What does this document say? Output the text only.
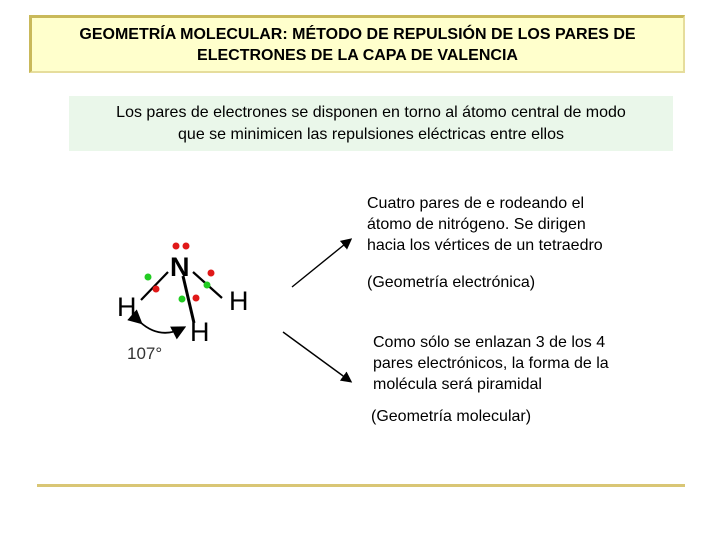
GEOMETRÍA MOLECULAR: MÉTODO DE REPULSIÓN DE LOS PARES DE
ELECTRONES DE LA CAPA DE VALENCIA
Los pares de electrones se disponen en torno al átomo central de modo
que se minimicen las repulsiones eléctricas entre ellos
N
H	H
H
107°
Cuatro pares de e rodeando el
átomo de nitrógeno. Se dirigen
hacia los vértices de un tetraedro
(Geometría electrónica)
Como sólo se enlazan 3 de los 4
pares electrónicos, la forma de la
molécula será piramidal
(Geometría molecular)
